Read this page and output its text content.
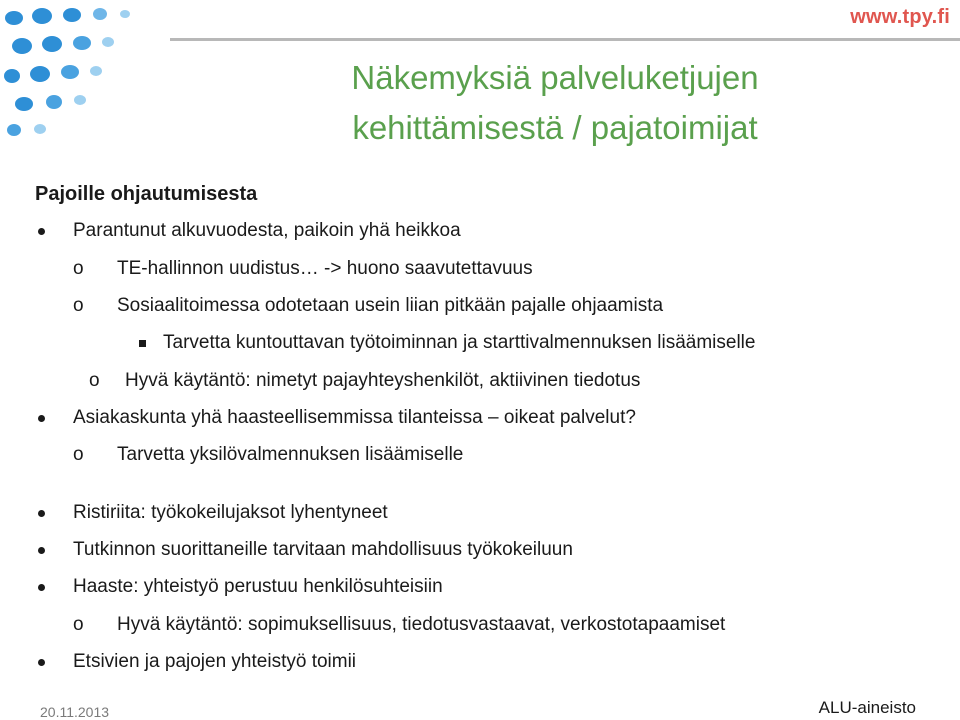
www.tpy.fi
Näkemyksiä palveluketjujen
kehittämisestä / pajatoimijat
Pajoille ohjautumisesta
Parantunut alkuvuodesta, paikoin yhä heikkoa
o TE-hallinnon uudistus… -> huono saavutettavuus
o Sosiaalitoimessa odotetaan usein liian pitkään pajalle ohjaamista
Tarvetta kuntouttavan työtoiminnan ja starttivalmennuksen lisäämiselle
o Hyvä käytäntö: nimetyt pajayhteyshenkilöt, aktiivinen tiedotus
Asiakaskunta yhä haasteellisemmissa tilanteissa – oikeat palvelut?
o Tarvetta yksilövalmennuksen lisäämiselle
Ristiriita: työkokeilujaksot lyhentyneet
Tutkinnon suorittaneille tarvitaan mahdollisuus työkokeiluun
Haaste: yhteistyö perustuu henkilösuhteisiin
o Hyvä käytäntö: sopimuksellisuus, tiedotusvastaavat, verkostotapaamiset
Etsivien ja pajojen yhteistyö toimii
20.11.2013	ALU-aineisto
